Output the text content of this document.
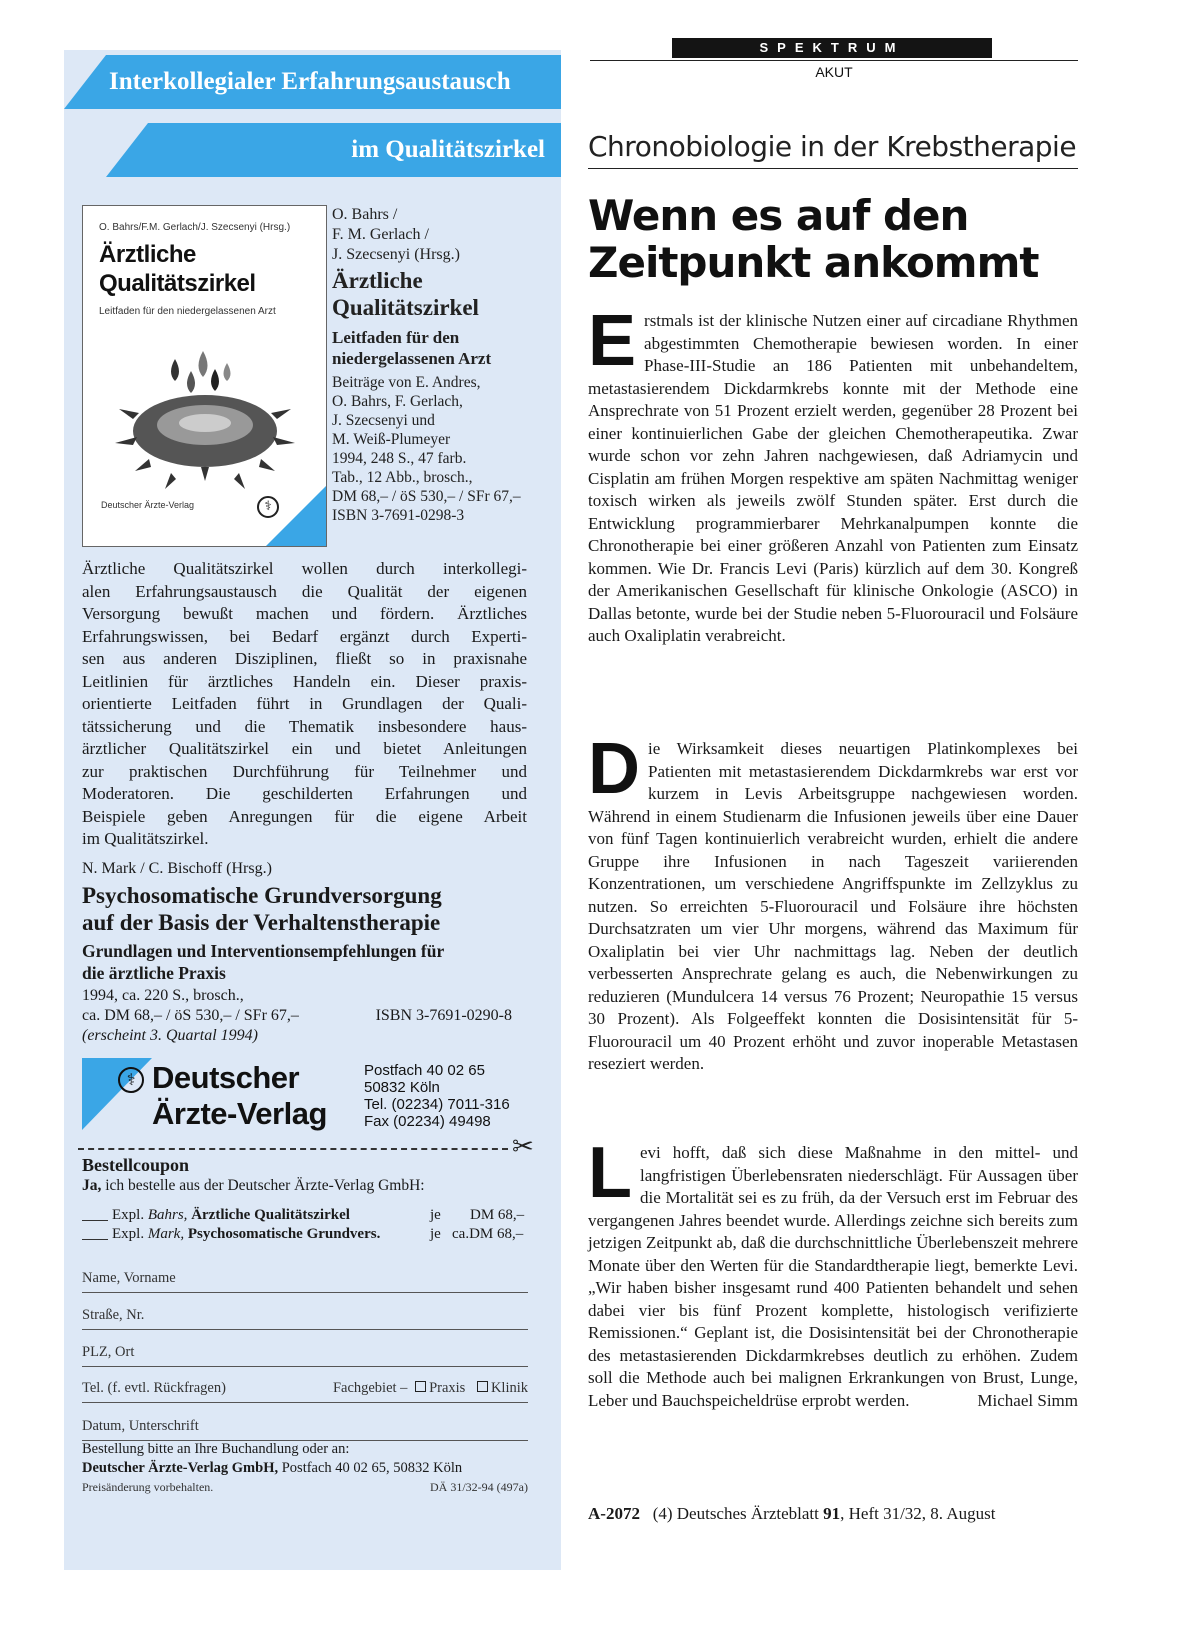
Interkollegialer Erfahrungsaustausch
im Qualitätszirkel
O. Bahrs/F.M. Gerlach/J. Szecsenyi (Hrsg.)
Ärztliche
Qualitätszirkel
Leitfaden für den niedergelassenen Arzt
Deutscher Ärzte-Verlag	⚕
O. Bahrs /
F. M. Gerlach /
J. Szecsenyi (Hrsg.)
Ärztliche
Qualitätszirkel
Leitfaden für den
niedergelassenen Arzt
Beiträge von E. Andres,
O. Bahrs, F. Gerlach,
J. Szecsenyi und
M. Weiß-Plumeyer
1994, 248 S., 47 farb.
Tab., 12 Abb., brosch.,
DM 68,– / öS 530,– / SFr 67,–
ISBN 3-7691-0298-3
Ärztliche Qualitätszirkel wollen durch interkollegi-
alen Erfahrungsaustausch die Qualität der eigenen
Versorgung bewußt machen und fördern. Ärztliches
Erfahrungswissen, bei Bedarf ergänzt durch Experti-
sen aus anderen Disziplinen, fließt so in praxisnahe
Leitlinien für ärztliches Handeln ein. Dieser praxis-
orientierte Leitfaden führt in Grundlagen der Quali-
tätssicherung und die Thematik insbesondere haus-
ärztlicher Qualitätszirkel ein und bietet Anleitungen
zur praktischen Durchführung für Teilnehmer und
Moderatoren. Die geschilderten Erfahrungen und
Beispiele geben Anregungen für die eigene Arbeit
im Qualitätszirkel.
N. Mark / C. Bischoff (Hrsg.)
Psychosomatische Grundversorgung
auf der Basis der Verhaltenstherapie
Grundlagen und Interventionsempfehlungen für
die ärztliche Praxis
1994, ca. 220 S., brosch.,
ca. DM 68,– / öS 530,– / SFr 67,–	ISBN 3-7691-0290-8
(erscheint 3. Quartal 1994)
⚕ Deutscher
Ärzte-Verlag
Postfach 40 02 65
50832 Köln
Tel. (02234) 7011-316
Fax (02234) 49498
✂
Bestellcoupon
Ja, ich bestelle aus der Deutscher Ärzte-Verlag GmbH:
Expl. Bahrs, Ärztliche Qualitätszirkel	je	DM 68,–
Expl. Mark, Psychosomatische Grundvers.	je ca.DM 68,–
Name, Vorname
Straße, Nr.
PLZ, Ort
Tel. (f. evtl. Rückfragen)	Fachgebiet – Praxis Klinik
Datum, Unterschrift
Bestellung bitte an Ihre Buchandlung oder an:
Deutscher Ärzte-Verlag GmbH, Postfach 40 02 65, 50832 Köln
Preisänderung vorbehalten.	DÄ 31/32-94 (497a)
SPEKTRUM
AKUT
Chronobiologie in der Krebstherapie
Wenn es auf den
Zeitpunkt ankommt
Erstmals ist der klinische Nutzen einer auf circadiane Rhythmen abgestimmten Chemotherapie bewiesen worden. In einer Phase-III-Studie an 186 Patienten mit unbehandeltem, metastasierendem Dickdarmkrebs konnte mit der Methode eine Ansprechrate von 51 Prozent erzielt werden, gegenüber 28 Prozent bei einer kontinuierlichen Gabe der gleichen Chemotherapeutika. Zwar wurde schon vor zehn Jahren nachgewiesen, daß Adriamycin und Cisplatin am frühen Morgen respektive am späten Nachmittag weniger toxisch wirken als jeweils zwölf Stunden später. Erst durch die Entwicklung programmierbarer Mehrkanalpumpen konnte die Chronotherapie bei einer größeren Anzahl von Patienten zum Einsatz kommen. Wie Dr. Francis Levi (Paris) kürzlich auf dem 30. Kongreß der Amerikanischen Gesellschaft für klinische Onkologie (ASCO) in Dallas betonte, wurde bei der Studie neben 5-Fluorouracil und Folsäure auch Oxaliplatin verabreicht.
Die Wirksamkeit dieses neuartigen Platinkomplexes bei Patienten mit metastasierendem Dickdarmkrebs war erst vor kurzem in Levis Arbeitsgruppe nachgewiesen worden. Während in einem Studienarm die Infusionen jeweils über eine Dauer von fünf Tagen kontinuierlich verabreicht wurden, erhielt die andere Gruppe ihre Infusionen in nach Tageszeit variierenden Konzentrationen, um verschiedene Angriffspunkte im Zellzyklus zu nutzen. So erreichten 5-Fluorouracil und Folsäure ihre höchsten Durchsatzraten um vier Uhr morgens, während das Maximum für Oxaliplatin bei vier Uhr nachmittags lag. Neben der deutlich verbesserten Ansprechrate gelang es auch, die Nebenwirkungen zu reduzieren (Mundulcera 14 versus 76 Prozent; Neuropathie 15 versus 30 Prozent). Als Folgeeffekt konnten die Dosisintensität für 5-Fluorouracil um 40 Prozent erhöht und zuvor inoperable Metastasen reseziert werden.
Levi hofft, daß sich diese Maßnahme in den mittel- und langfristigen Überlebensraten niederschlägt. Für Aussagen über die Mortalität sei es zu früh, da der Versuch erst im Februar des vergangenen Jahres beendet wurde. Allerdings zeichne sich bereits zum jetzigen Zeitpunkt ab, daß die durchschnittliche Überlebenszeit mehrere Monate über den Werten für die Standardtherapie liegt, bemerkte Levi. „Wir haben bisher insgesamt rund 400 Patienten behandelt und sehen dabei vier bis fünf Prozent komplette, histologisch verifizierte Remissionen.“ Geplant ist, die Dosisintensität bei der Chronotherapie des metastasierenden Dickdarmkrebses deutlich zu erhöhen. Zudem soll die Methode auch bei malignen Erkrankungen von Brust, Lunge, Leber und Bauchspeicheldrüse erprobt werden.	Michael Simm
A-2072 (4) Deutsches Ärzteblatt 91, Heft 31/32, 8. August
